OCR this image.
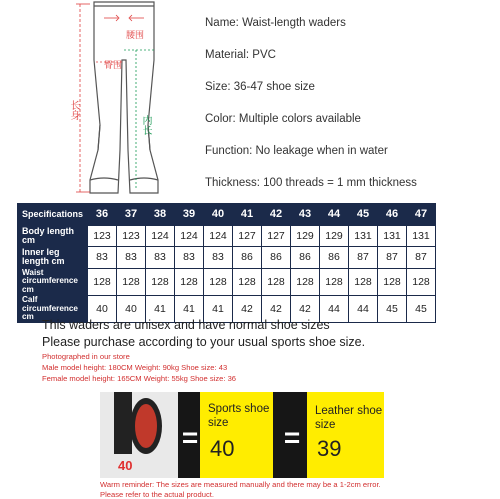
腰围
臀围
长身
内长
Name: Waist-length waders
Material: PVC
Size: 36-47 shoe size
Color: Multiple colors available
Function: No leakage when in water
Thickness: 100 threads = 1 mm thickness
Specifications	36	37	38	39	40	41	42	43	44	45	46	47
Body length cm	123	123	124	124	124	127	127	129	129	131	131	131
Inner leg length cm	83	83	83	83	83	86	86	86	86	87	87	87
Waist circumference cm	128	128	128	128	128	128	128	128	128	128	128	128
Calf circumference cm	40	40	41	41	41	42	42	42	44	44	45	45
This waders are unisex and have normal shoe sizes
Please purchase according to your usual sports shoe size.
Photographed in our store
Male model height: 180CM Weight: 90kg Shoe size: 43
Female model height: 165CM Weight: 55kg Shoe size: 36
40
=
Sports shoe size
40 =
Leather shoe size
39
Warm reminder: The sizes are measured manually and there may be a 1-2cm error.
Please refer to the actual product.
